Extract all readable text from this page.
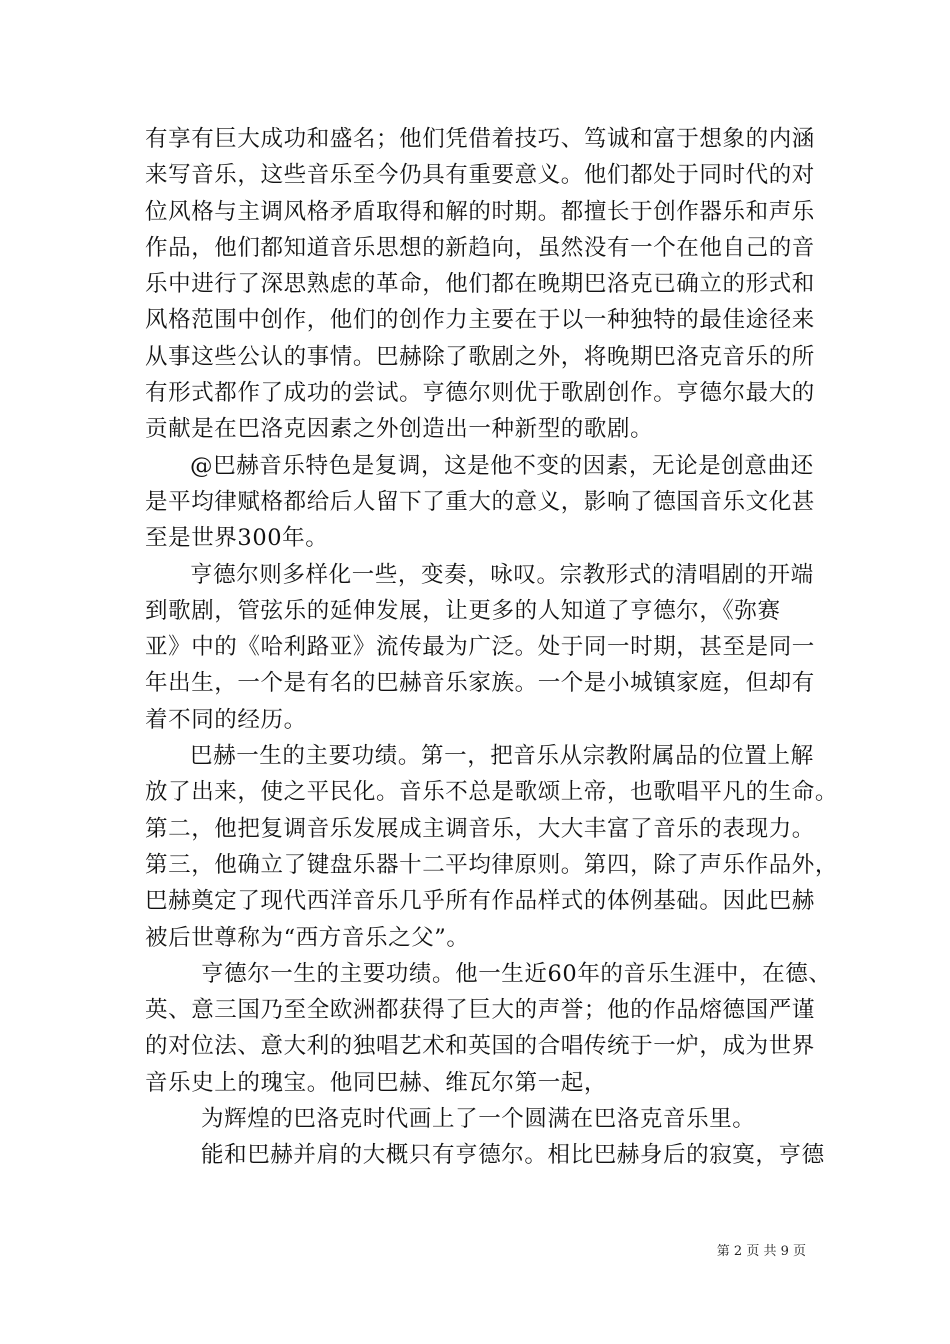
有享有巨大成功和盛名；他们凭借着技巧、笃诚和富于想象的内涵
来写音乐，这些音乐至今仍具有重要意义。他们都处于同时代的对
位风格与主调风格矛盾取得和解的时期。都擅长于创作器乐和声乐
作品，他们都知道音乐思想的新趋向，虽然没有一个在他自己的音
乐中进行了深思熟虑的革命，他们都在晚期巴洛克已确立的形式和
风格范围中创作，他们的创作力主要在于以一种独特的最佳途径来
从事这些公认的事情。巴赫除了歌剧之外，将晚期巴洛克音乐的所
有形式都作了成功的尝试。亨德尔则优于歌剧创作。亨德尔最大的
贡献是在巴洛克因素之外创造出一种新型的歌剧。
@巴赫音乐特色是复调，这是他不变的因素，无论是创意曲还
是平均律赋格都给后人留下了重大的意义，影响了德国音乐文化甚
至是世界300年。
亨德尔则多样化一些，变奏，咏叹。宗教形式的清唱剧的开端
到歌剧，管弦乐的延伸发展，让更多的人知道了亨德尔，《弥赛
亚》中的《哈利路亚》流传最为广泛。处于同一时期，甚至是同一
年出生，一个是有名的巴赫音乐家族。一个是小城镇家庭，但却有
着不同的经历。
巴赫一生的主要功绩。第一，把音乐从宗教附属品的位置上解
放了出来，使之平民化。音乐不总是歌颂上帝，也歌唱平凡的生命。
第二，他把复调音乐发展成主调音乐，大大丰富了音乐的表现力。
第三，他确立了键盘乐器十二平均律原则。第四，除了声乐作品外，
巴赫奠定了现代西洋音乐几乎所有作品样式的体例基础。因此巴赫
被后世尊称为“西方音乐之父”。
亨德尔一生的主要功绩。他一生近60年的音乐生涯中，在德、
英、意三国乃至全欧洲都获得了巨大的声誉；他的作品熔德国严谨
的对位法、意大利的独唱艺术和英国的合唱传统于一炉，成为世界
音乐史上的瑰宝。他同巴赫、维瓦尔第一起，
为辉煌的巴洛克时代画上了一个圆满在巴洛克音乐里。
能和巴赫并肩的大概只有亨德尔。相比巴赫身后的寂寞，亨德
第 2 页 共 9 页
